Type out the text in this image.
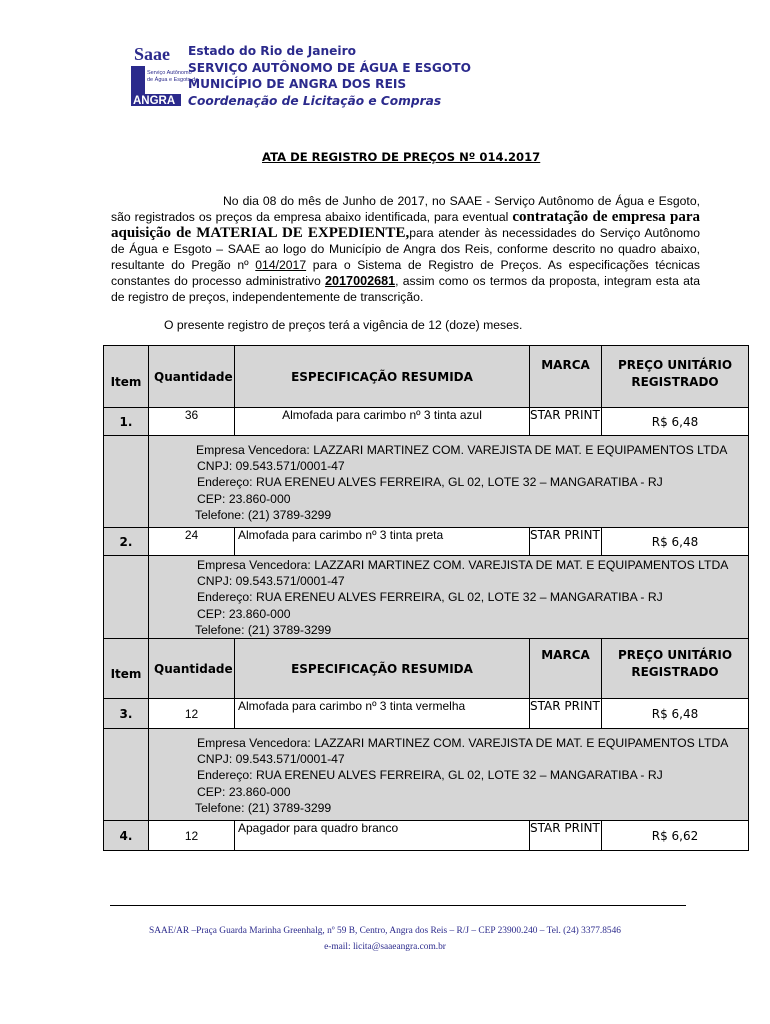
Saae
Serviço Autônomo
de Água e Esgoto de
ANGRA
Estado do Rio de Janeiro
SERVIÇO AUTÔNOMO DE ÁGUA E ESGOTO
MUNICÍPIO DE ANGRA DOS REIS
Coordenação de Licitação e Compras
ATA DE REGISTRO DE PREÇOS Nº 014.2017
No dia 08 do mês de Junho de 2017, no SAAE - Serviço Autônomo de Água e Esgoto, são registrados os preços da empresa abaixo identificada, para eventual contratação de empresa para aquisição de MATERIAL DE EXPEDIENTE,para atender às necessidades do Serviço Autônomo de Água e Esgoto – SAAE ao logo do Município de Angra dos Reis, conforme descrito no quadro abaixo, resultante do Pregão nº 014/2017 para o Sistema de Registro de Preços. As especificações técnicas constantes do processo administrativo 2017002681, assim como os termos da proposta, integram esta ata de registro de preços, independentemente de transcrição.
O presente registro de preços terá a vigência de 12 (doze) meses.
Item	Quantidade	ESPECIFICAÇÃO RESUMIDA	MARCA	PREÇO UNITÁRIO
REGISTRADO

1.	36	Almofada para carimbo nº 3 tinta azul	STAR PRINT	R$ 6,48

	Empresa Vencedora: LAZZARI MARTINEZ COM. VAREJISTA DE MAT. E EQUIPAMENTOS LTDA
CNPJ: 09.543.571/0001-47
Endereço: RUA ERENEU ALVES FERREIRA, GL 02, LOTE 32 – MANGARATIBA - RJ
CEP: 23.860-000
Telefone: (21) 3789-3299			

2.	24	Almofada para carimbo nº 3 tinta preta	STAR PRINT	R$ 6,48

	Empresa Vencedora: LAZZARI MARTINEZ COM. VAREJISTA DE MAT. E EQUIPAMENTOS LTDA
CNPJ: 09.543.571/0001-47
Endereço: RUA ERENEU ALVES FERREIRA, GL 02, LOTE 32 – MANGARATIBA - RJ
CEP: 23.860-000
Telefone: (21) 3789-3299			

Item	Quantidade	ESPECIFICAÇÃO RESUMIDA	MARCA	PREÇO UNITÁRIO
REGISTRADO

3.	12	Almofada para carimbo nº 3 tinta vermelha	STAR PRINT	R$ 6,48

	Empresa Vencedora: LAZZARI MARTINEZ COM. VAREJISTA DE MAT. E EQUIPAMENTOS LTDA
CNPJ: 09.543.571/0001-47
Endereço: RUA ERENEU ALVES FERREIRA, GL 02, LOTE 32 – MANGARATIBA - RJ
CEP: 23.860-000
Telefone: (21) 3789-3299			

4.	12	Apagador para quadro branco	STAR PRINT	R$ 6,62
SAAE/AR –Praça Guarda Marinha Greenhalg, nº 59 B, Centro, Angra dos Reis – R/J – CEP 23900.240 – Tel. (24) 3377.8546
e-mail: licita@saaeangra.com.br
